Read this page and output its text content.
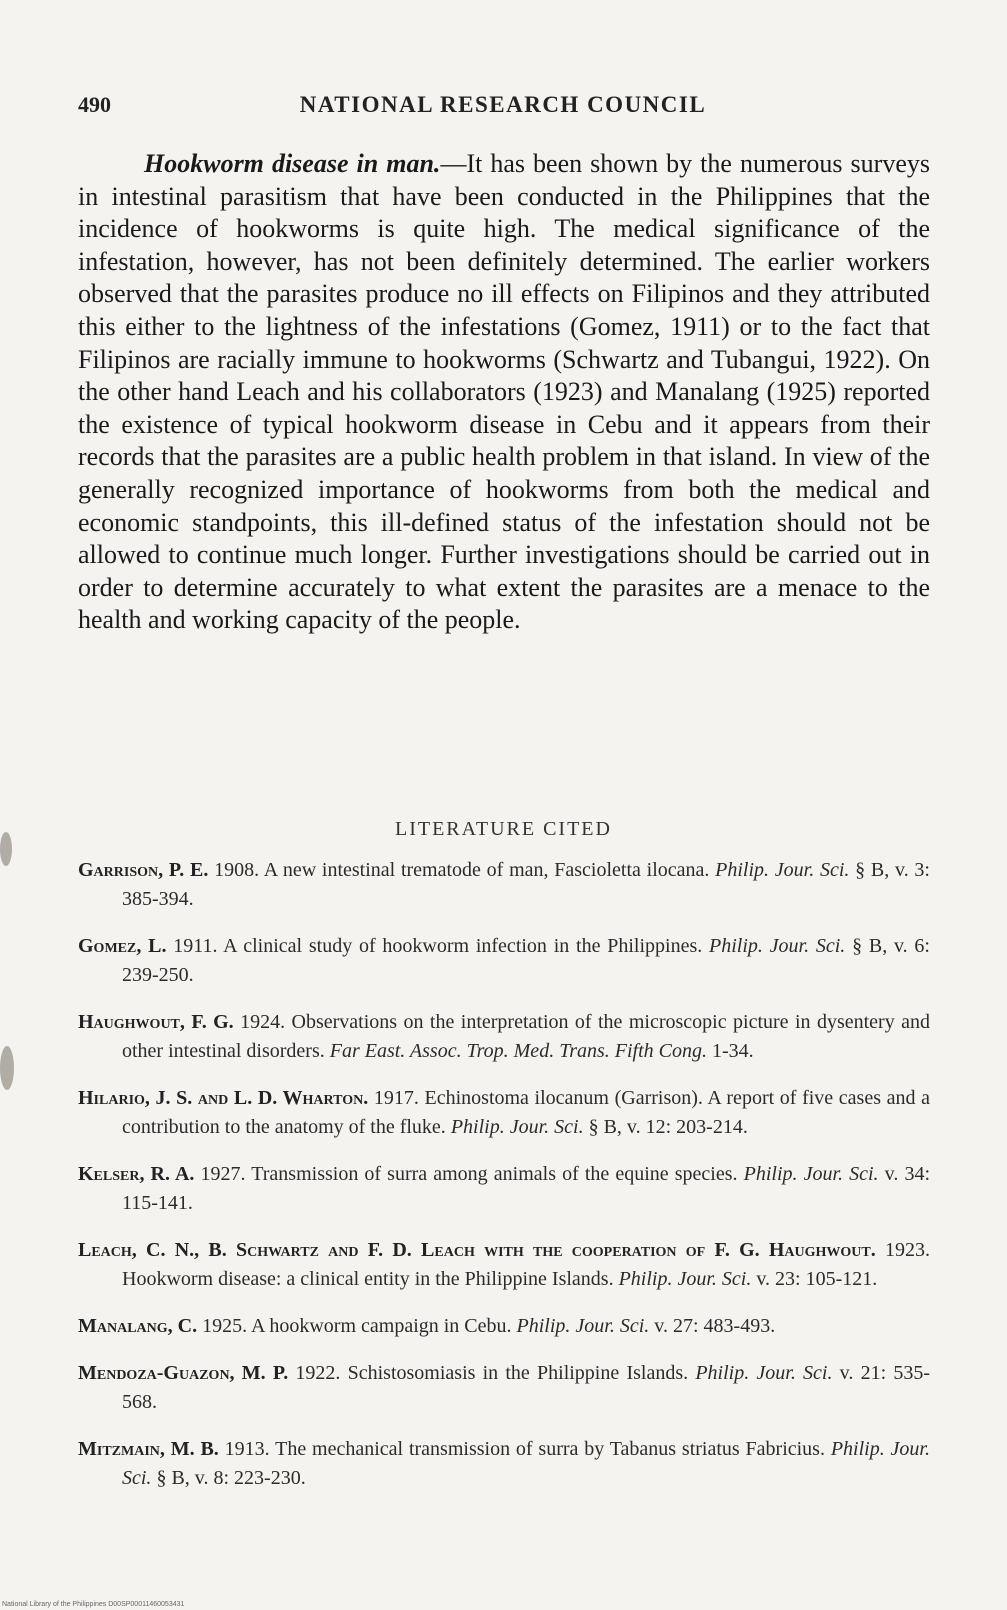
490	NATIONAL RESEARCH COUNCIL

Hookworm disease in man.—It has been shown by the numerous surveys in intestinal parasitism that have been conducted in the Philippines that the incidence of hookworms is quite high. The medical significance of the infestation, however, has not been definitely determined. The earlier workers observed that the parasites produce no ill effects on Filipinos and they attributed this either to the lightness of the infestations (Gomez, 1911) or to the fact that Filipinos are racially immune to hookworms (Schwartz and Tubangui, 1922). On the other hand Leach and his collaborators (1923) and Manalang (1925) reported the existence of typical hookworm disease in Cebu and it appears from their records that the parasites are a public health problem in that island. In view of the generally recognized importance of hookworms from both the medical and economic standpoints, this ill-defined status of the infestation should not be allowed to continue much longer. Further investigations should be carried out in order to determine accurately to what extent the parasites are a menace to the health and working capacity of the people.

LITERATURE CITED
Garrison, P. E. 1908. A new intestinal trematode of man, Fascioletta ilocana. Philip. Jour. Sci. § B, v. 3: 385-394.
Gomez, L. 1911. A clinical study of hookworm infection in the Philippines. Philip. Jour. Sci. § B, v. 6: 239-250.
Haughwout, F. G. 1924. Observations on the interpretation of the microscopic picture in dysentery and other intestinal disorders. Far East. Assoc. Trop. Med. Trans. Fifth Cong. 1-34.
Hilario, J. S. and L. D. Wharton. 1917. Echinostoma ilocanum (Garrison). A report of five cases and a contribution to the anatomy of the fluke. Philip. Jour. Sci. § B, v. 12: 203-214.
Kelser, R. A. 1927. Transmission of surra among animals of the equine species. Philip. Jour. Sci. v. 34: 115-141.
Leach, C. N., B. Schwartz and F. D. Leach with the cooperation of F. G. Haughwout. 1923. Hookworm disease: a clinical entity in the Philippine Islands. Philip. Jour. Sci. v. 23: 105-121.
Manalang, C. 1925. A hookworm campaign in Cebu. Philip. Jour. Sci. v. 27: 483-493.
Mendoza-Guazon, M. P. 1922. Schistosomiasis in the Philippine Islands. Philip. Jour. Sci. v. 21: 535-568.
Mitzmain, M. B. 1913. The mechanical transmission of surra by Tabanus striatus Fabricius. Philip. Jour. Sci. § B, v. 8: 223-230.
National Library of the Philippines D00SP00011460053431
